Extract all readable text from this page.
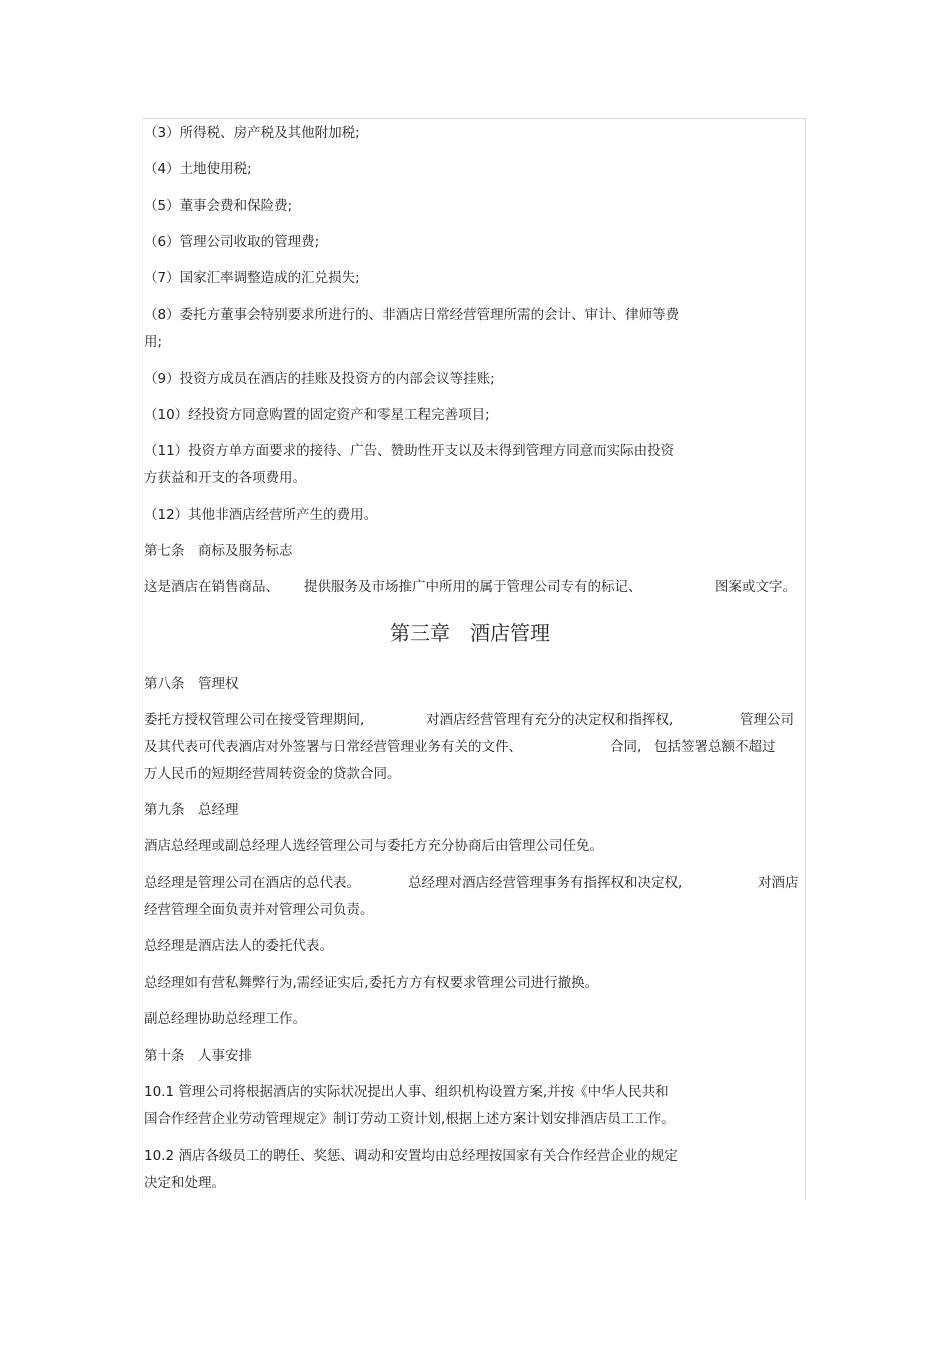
（3）所得税、房产税及其他附加税;
（4）土地使用税;
（5）董事会费和保险费;
（6）管理公司收取的管理费;
（7）国家汇率调整造成的汇兑损失;
（8）委托方董事会特别要求所进行的、非酒店日常经营管理所需的会计、审计、律师等费
用;
（9）投资方成员在酒店的挂账及投资方的内部会议等挂账;
（10）经投资方同意购置的固定资产和零星工程完善项目;
（11）投资方单方面要求的接待、广告、赞助性开支以及未得到管理方同意而实际由投资
方获益和开支的各项费用。
（12）其他非酒店经营所产生的费用。
第七条　商标及服务标志
这是酒店在销售商品、 提供服务及市场推广中所用的属于管理公司专有的标记、	图案或文字。
第三章　酒店管理
第八条　管理权
委托方授权管理公司在接受管理期间,	对酒店经营管理有充分的决定权和指挥权,	管理公司
及其代表可代表酒店对外签署与日常经营管理业务有关的文件、	合同, 包括签署总额不超过
万人民币的短期经营周转资金的贷款合同。
第九条　总经理
酒店总经理或副总经理人选经管理公司与委托方充分协商后由管理公司任免。
总经理是管理公司在酒店的总代表。	总经理对酒店经营管理事务有指挥权和决定权,	对酒店
经营管理全面负责并对管理公司负责。
总经理是酒店法人的委托代表。
总经理如有营私舞弊行为,需经证实后,委托方方有权要求管理公司进行撤换。
副总经理协助总经理工作。
第十条　人事安排
10.1 管理公司将根据酒店的实际状况提出人事、组织机构设置方案,并按《中华人民共和
国合作经营企业劳动管理规定》制订劳动工资计划,根据上述方案计划安排酒店员工工作。
10.2 酒店各级员工的聘任、奖惩、调动和安置均由总经理按国家有关合作经营企业的规定
决定和处理。
